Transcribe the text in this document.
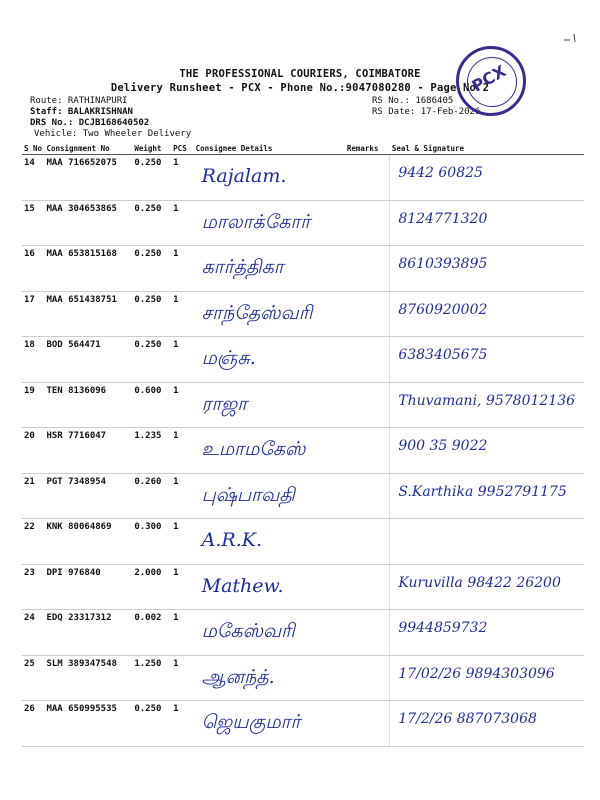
THE PROFESSIONAL COURIERS, COIMBATORE
Delivery Runsheet - PCX - Phone No.:9047080280 - Page No 2
Route: RATHINAPURI
Staff: BALAKRISHNAN
DRS No.: DCJB168640502
Vehicle: Two Wheeler Delivery
RS No.: 1686405
RS Date: 17-Feb-2026
PCX
S No	Consignment No	Weight	PCS	Consignee Details	Remarks	Seal & Signature
14	MAA 716652075	0.250	1	Rajalam.		9442 60825

15	MAA 304653865	0.250	1	மாலாக்கோர்		8124771320

16	MAA 653815168	0.250	1	கார்த்திகா		8610393895

17	MAA 651438751	0.250	1	சாந்தேஸ்வரி		8760920002

18	BOD 564471	0.250	1	மஞ்சு.		6383405675

19	TEN 8136096	0.600	1	ராஜா		Thuvamani, 9578012136

20	HSR 7716047	1.235	1	உமாமகேஸ்		900 35 9022

21	PGT 7348954	0.260	1	புஷ்பாவதி		S.Karthika 9952791175

22	KNK 80064869	0.300	1	A.R.K.		

23	DPI 976840	2.000	1	Mathew.		Kuruvilla 98422 26200

24	EDQ 23317312	0.002	1	மகேஸ்வரி		9944859732

25	SLM 389347548	1.250	1	ஆனந்த்.		17/02/26 9894303096

26	MAA 650995535	0.250	1	ஜெயகுமார்		17/2/26 887073068
